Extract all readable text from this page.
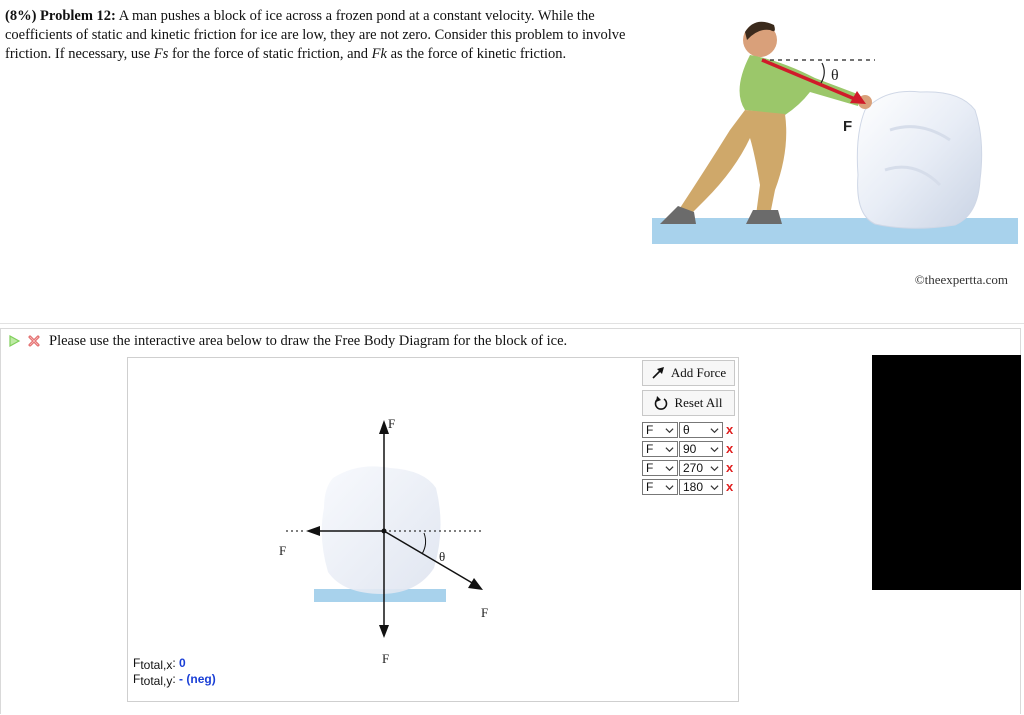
(8%) Problem 12: A man pushes a block of ice across a frozen pond at a constant velocity. While the coefficients of static and kinetic friction for ice are low, they are not zero. Consider this problem to involve friction. If necessary, use Fs for the force of static friction, and Fk as the force of kinetic friction.
θ
F
©theexpertta.com
Please use the interactive area below to draw the Free Body Diagram for the block of ice.
F
F
F
F
θ
Add Force
Reset All
F θ	x
F 90 x
F 270 x
F 180 x
$F_{total,x}$: 0
$F_{total,y}$: - (neg)
